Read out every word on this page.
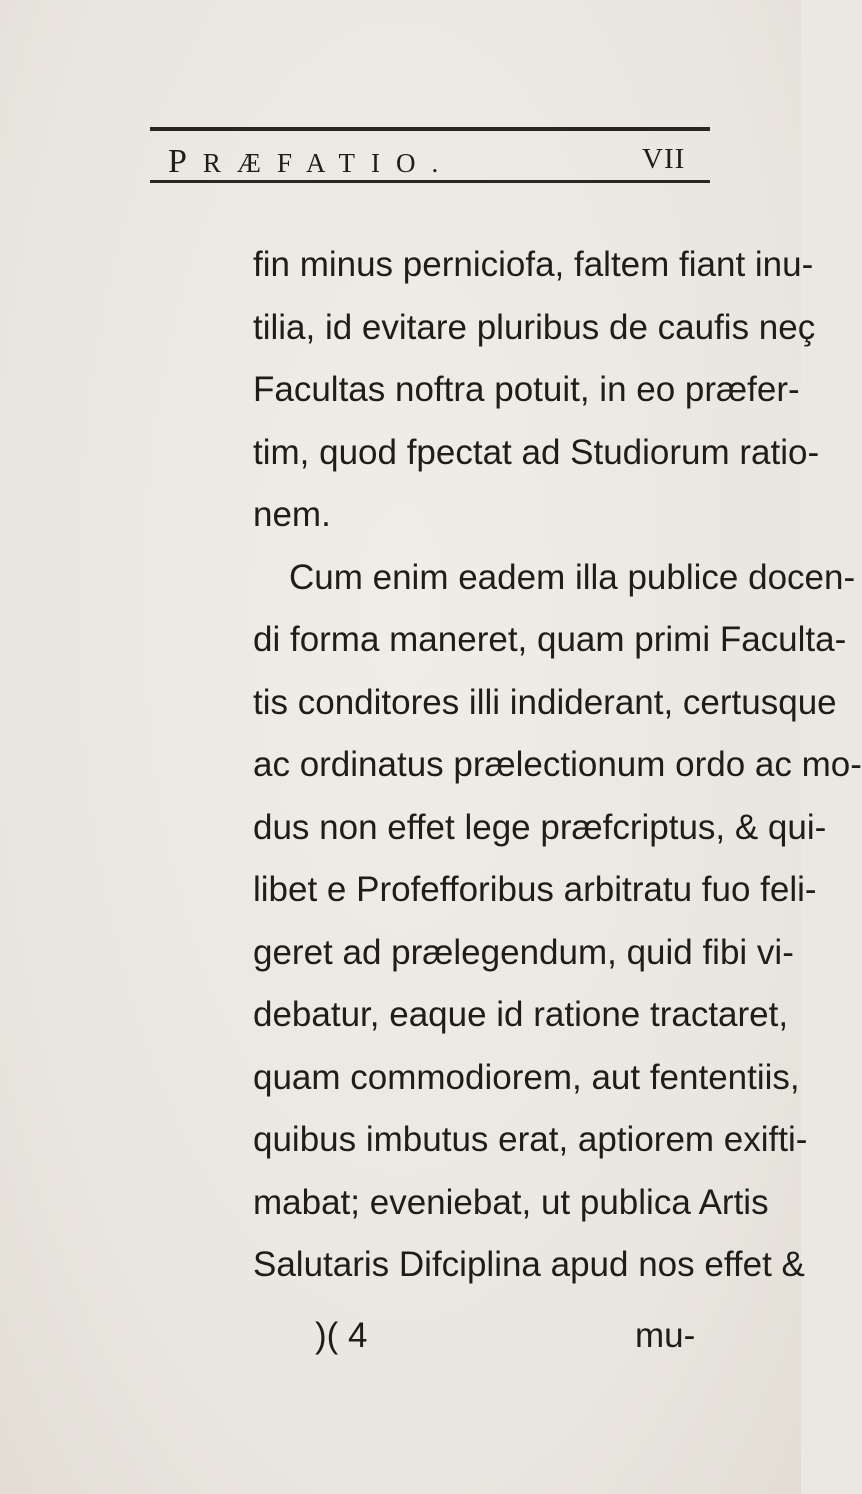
PRÆFATIO.	VII
fin minus perniciofa, faltem fiant inu-
tilia, id evitare pluribus de caufis neç
Facultas noftra potuit, in eo præfer-
tim, quod fpectat ad Studiorum ratio-
nem.
Cum enim eadem illa publice docen-
di forma maneret, quam primi Faculta-
tis conditores illi indiderant, certusque
ac ordinatus prælectionum ordo ac mo-
dus non effet lege præfcriptus, & qui-
libet e Profefforibus arbitratu fuo feli-
geret ad prælegendum, quid fibi vi-
debatur, eaque id ratione tractaret,
quam commodiorem, aut fententiis,
quibus imbutus erat, aptiorem exifti-
mabat; eveniebat, ut publica Artis
Salutaris Difciplina apud nos effet &
)( 4	mu-
